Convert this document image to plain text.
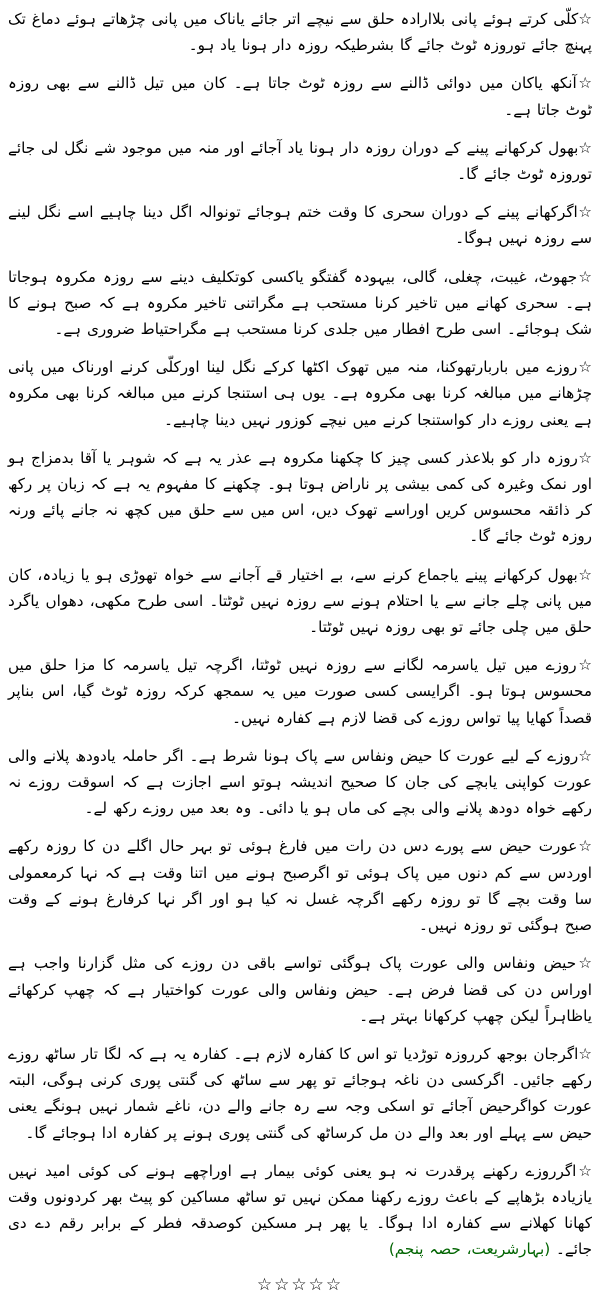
☆کلّی کرتے ہوئے پانی بلاارادہ حلق سے نیچے اتر جائے یاناک میں پانی چڑھاتے ہوئے دماغ تک پہنچ جائے توروزہ ٹوٹ جائے گا بشرطیکہ روزہ دار ہونا یاد ہو۔

☆آنکھ یاکان میں دوائی ڈالنے سے روزہ ٹوٹ جاتا ہے۔ کان میں تیل ڈالنے سے بھی روزہ ٹوٹ جاتا ہے۔

☆بھول کرکھانے پینے کے دوران روزہ دار ہونا یاد آجائے اور منہ میں موجود شے نگل لی جائے توروزہ ٹوٹ جائے گا۔

☆اگرکھانے پینے کے دوران سحری کا وقت ختم ہوجائے تونوالہ اگل دینا چاہیے اسے نگل لینے سے روزہ نہیں ہوگا۔

☆جھوٹ، غیبت، چغلی، گالی، بیہودہ گفتگو یاکسی کوتکلیف دینے سے روزہ مکروہ ہوجاتا ہے۔ سحری کھانے میں تاخیر کرنا مستحب ہے مگراتنی تاخیر مکروہ ہے کہ صبح ہونے کا شک ہوجائے۔ اسی طرح افطار میں جلدی کرنا مستحب ہے مگراحتیاط ضروری ہے۔

☆روزے میں باربارتھوکنا، منہ میں تھوک اکٹھا کرکے نگل لینا اورکلّی کرنے اورناک میں پانی چڑھانے میں مبالغہ کرنا بھی مکروہ ہے۔ یوں ہی استنجا کرنے میں مبالغہ کرنا بھی مکروہ ہے یعنی روزے دار کواستنجا کرنے میں نیچے کوزور نہیں دینا چاہیے۔

☆روزہ دار کو بلاعذر کسی چیز کا چکھنا مکروہ ہے عذر یہ ہے کہ شوہر یا آقا بدمزاج ہو اور نمک وغیرہ کی کمی بیشی پر ناراض ہوتا ہو۔ چکھنے کا مفہوم یہ ہے کہ زبان پر رکھ کر ذائقہ محسوس کریں اوراسے تھوک دیں، اس میں سے حلق میں کچھ نہ جانے پائے ورنہ روزہ ٹوٹ جائے گا۔

☆بھول کرکھانے پینے یاجماع کرنے سے، بے اختیار قے آجانے سے خواہ تھوڑی ہو یا زیادہ، کان میں پانی چلے جانے سے یا احتلام ہونے سے روزہ نہیں ٹوٹتا۔ اسی طرح مکھی، دھواں یاگرد حلق میں چلی جائے تو بھی روزہ نہیں ٹوٹتا۔

☆روزے میں تیل یاسرمہ لگانے سے روزہ نہیں ٹوٹتا، اگرچہ تیل یاسرمہ کا مزا حلق میں محسوس ہوتا ہو۔ اگرایسی کسی صورت میں یہ سمجھ کرکہ روزہ ٹوٹ گیا، اس بناپر قصداً کھایا پیا تواس روزے کی قضا لازم ہے کفارہ نہیں۔

☆روزے کے لیے عورت کا حیض ونفاس سے پاک ہونا شرط ہے۔ اگر حاملہ یادودھ پلانے والی عورت کواپنی یابچے کی جان کا صحیح اندیشہ ہوتو اسے اجازت ہے کہ اسوقت روزے نہ رکھے خواہ دودھ پلانے والی بچے کی ماں ہو یا دائی۔ وہ بعد میں روزے رکھ لے۔

☆عورت حیض سے پورے دس دن رات میں فارغ ہوئی تو بہر حال اگلے دن کا روزہ رکھے اوردس سے کم دنوں میں پاک ہوئی تو اگرصبح ہونے میں اتنا وقت ہے کہ نہا کرمعمولی سا وقت بچے گا تو روزہ رکھے اگرچہ غسل نہ کیا ہو اور اگر نہا کرفارغ ہونے کے وقت صبح ہوگئی تو روزہ نہیں۔

☆حیض ونفاس والی عورت پاک ہوگئی تواسے باقی دن روزے کی مثل گزارنا واجب ہے اوراس دن کی قضا فرض ہے۔ حیض ونفاس والی عورت کواختیار ہے کہ چھپ کرکھائے یاظاہراً لیکن چھپ کرکھانا بہتر ہے۔

☆اگرجان بوجھ کرروزہ توڑدیا تو اس کا کفارہ لازم ہے۔ کفارہ یہ ہے کہ لگا تار ساٹھ روزے رکھے جائیں۔ اگرکسی دن ناغہ ہوجائے تو پھر سے ساٹھ کی گنتی پوری کرنی ہوگی، البتہ عورت کواگرحیض آجائے تو اسکی وجہ سے رہ جانے والے دن، ناغے شمار نہیں ہونگے یعنی حیض سے پہلے اور بعد والے دن مل کرساٹھ کی گنتی پوری ہونے پر کفارہ ادا ہوجائے گا۔

☆اگرروزے رکھنے پرقدرت نہ ہو یعنی کوئی بیمار ہے اوراچھے ہونے کی کوئی امید نہیں یازیادہ بڑھاپے کے باعث روزے رکھنا ممکن نہیں تو ساٹھ مساکین کو پیٹ بھر کردونوں وقت کھانا کھلانے سے کفارہ ادا ہوگا۔ یا پھر ہر مسکین کوصدقہ فطر کے برابر رقم دے دی جائے۔ (بہارشریعت، حصہ پنجم)

☆☆☆☆☆
